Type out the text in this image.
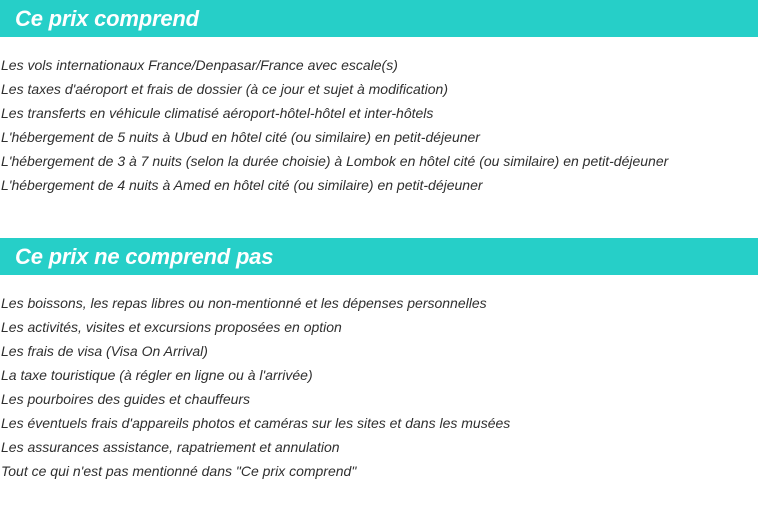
Ce prix comprend
Les vols internationaux France/Denpasar/France avec escale(s)
Les taxes d'aéroport et frais de dossier (à ce jour et sujet à modification)
Les transferts en véhicule climatisé aéroport-hôtel-hôtel et inter-hôtels
L'hébergement de 5 nuits à Ubud en hôtel cité (ou similaire) en petit-déjeuner
L'hébergement de 3 à 7 nuits (selon la durée choisie) à Lombok en hôtel cité (ou similaire) en petit-déjeuner
L'hébergement de 4 nuits à Amed en hôtel cité (ou similaire) en petit-déjeuner
Ce prix ne comprend pas
Les boissons, les repas libres ou non-mentionné et les dépenses personnelles
Les activités, visites et excursions proposées en option
Les frais de visa (Visa On Arrival)
La taxe touristique (à régler en ligne ou à l'arrivée)
Les pourboires des guides et chauffeurs
Les éventuels frais d'appareils photos et caméras sur les sites et dans les musées
Les assurances assistance, rapatriement et annulation
Tout ce qui n'est pas mentionné dans "Ce prix comprend"
